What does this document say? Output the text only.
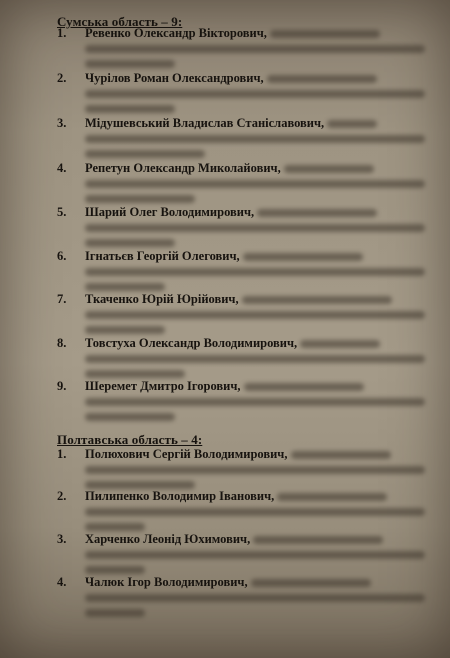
Сумська область – 9:
1. Ревенко Олександр Вікторович,
2. Чурілов Роман Олександрович,
3. Мідушевський Владислав Станіславович,
4. Репетун Олександр Миколайович,
5. Шарий Олег Володимирович,
6. Ігнатьєв Георгій Олегович,
7. Ткаченко Юрій Юрійович,
8. Товстуха Олександр Володимирович,
9. Шеремет Дмитро Ігорович,
Полтавська область – 4:
1. Полюхович Сергій Володимирович,
2. Пилипенко Володимир Іванович,
3. Харченко Леонід Юхимович,
4. Чалюк Ігор Володимирович,
